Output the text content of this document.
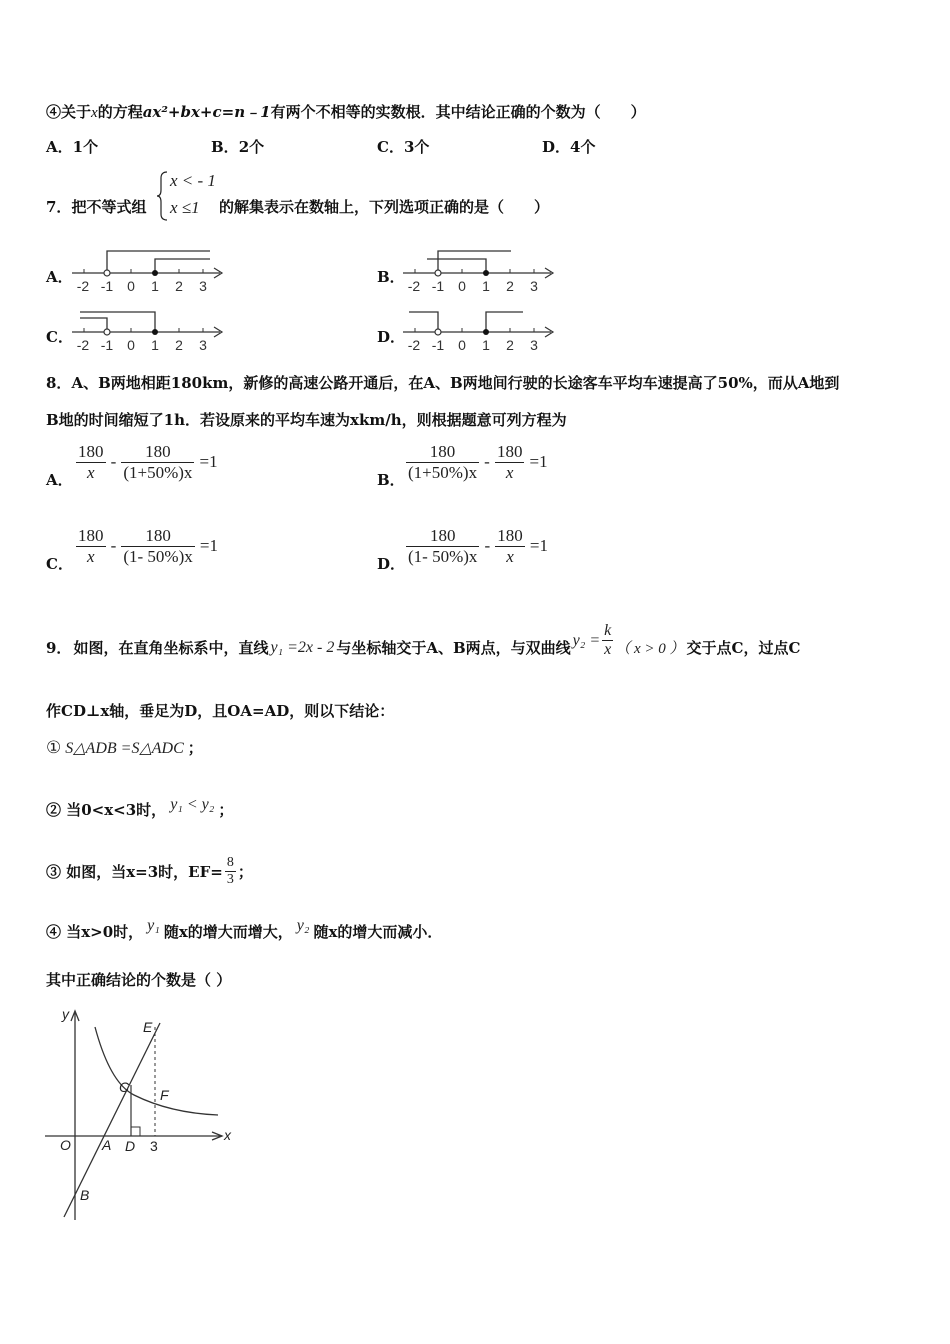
④关于x的方程ax²+bx+c=n﹣1有两个不相等的实数根．其中结论正确的个数为（　　）
A．1个	B．2个	C．3个	D．4个
7．把不等式组
x < - 1
x ≤1 的解集表示在数轴上，下列选项正确的是（　　）
A．	B．
C．	D．
-2 -1 0 1 2 3	-2 -1 0 1 2 3
-2 -1 0 1 2 3	-2 -1 0 1 2 3
8．A、B两地相距180km，新修的高速公路开通后，在A、B两地间行驶的长途客车平均车速提高了50%，而从A地到
B地的时间缩短了1h．若设原来的平均车速为xkm/h，则根据题意可列方程为
A． $\frac{180}{x} - \frac{180}{(1+50\%)x} =1$
B． $\frac{180}{(1+50\%)x} - \frac{180}{x} =1$
C． $\frac{180}{x} - \frac{180}{(1- 50\%)x} =1$
D． $\frac{180}{(1- 50\%)x} - \frac{180}{x} =1$
9． 如图，在直角坐标系中，直线 y₁ =2x - 2 与坐标轴交于A、B两点，与双曲线 $y_2 = \frac{k}{x}$ （ x > 0 ） 交于点C，过点C
作CD⊥x轴，垂足为D，且OA=AD，则以下结论：
① S△ADB =S△ADC ；
② 当0<x<3时， y₁ < y₂ ；
③ 如图，当x=3时，$EF= \frac{8}{3}$ ；
④ 当x>0时， y₁ 随x的增大而增大， y₂ 随x的增大而减小．
其中正确结论的个数是（ ）
y
x
O A D 3
B
C
E
F
